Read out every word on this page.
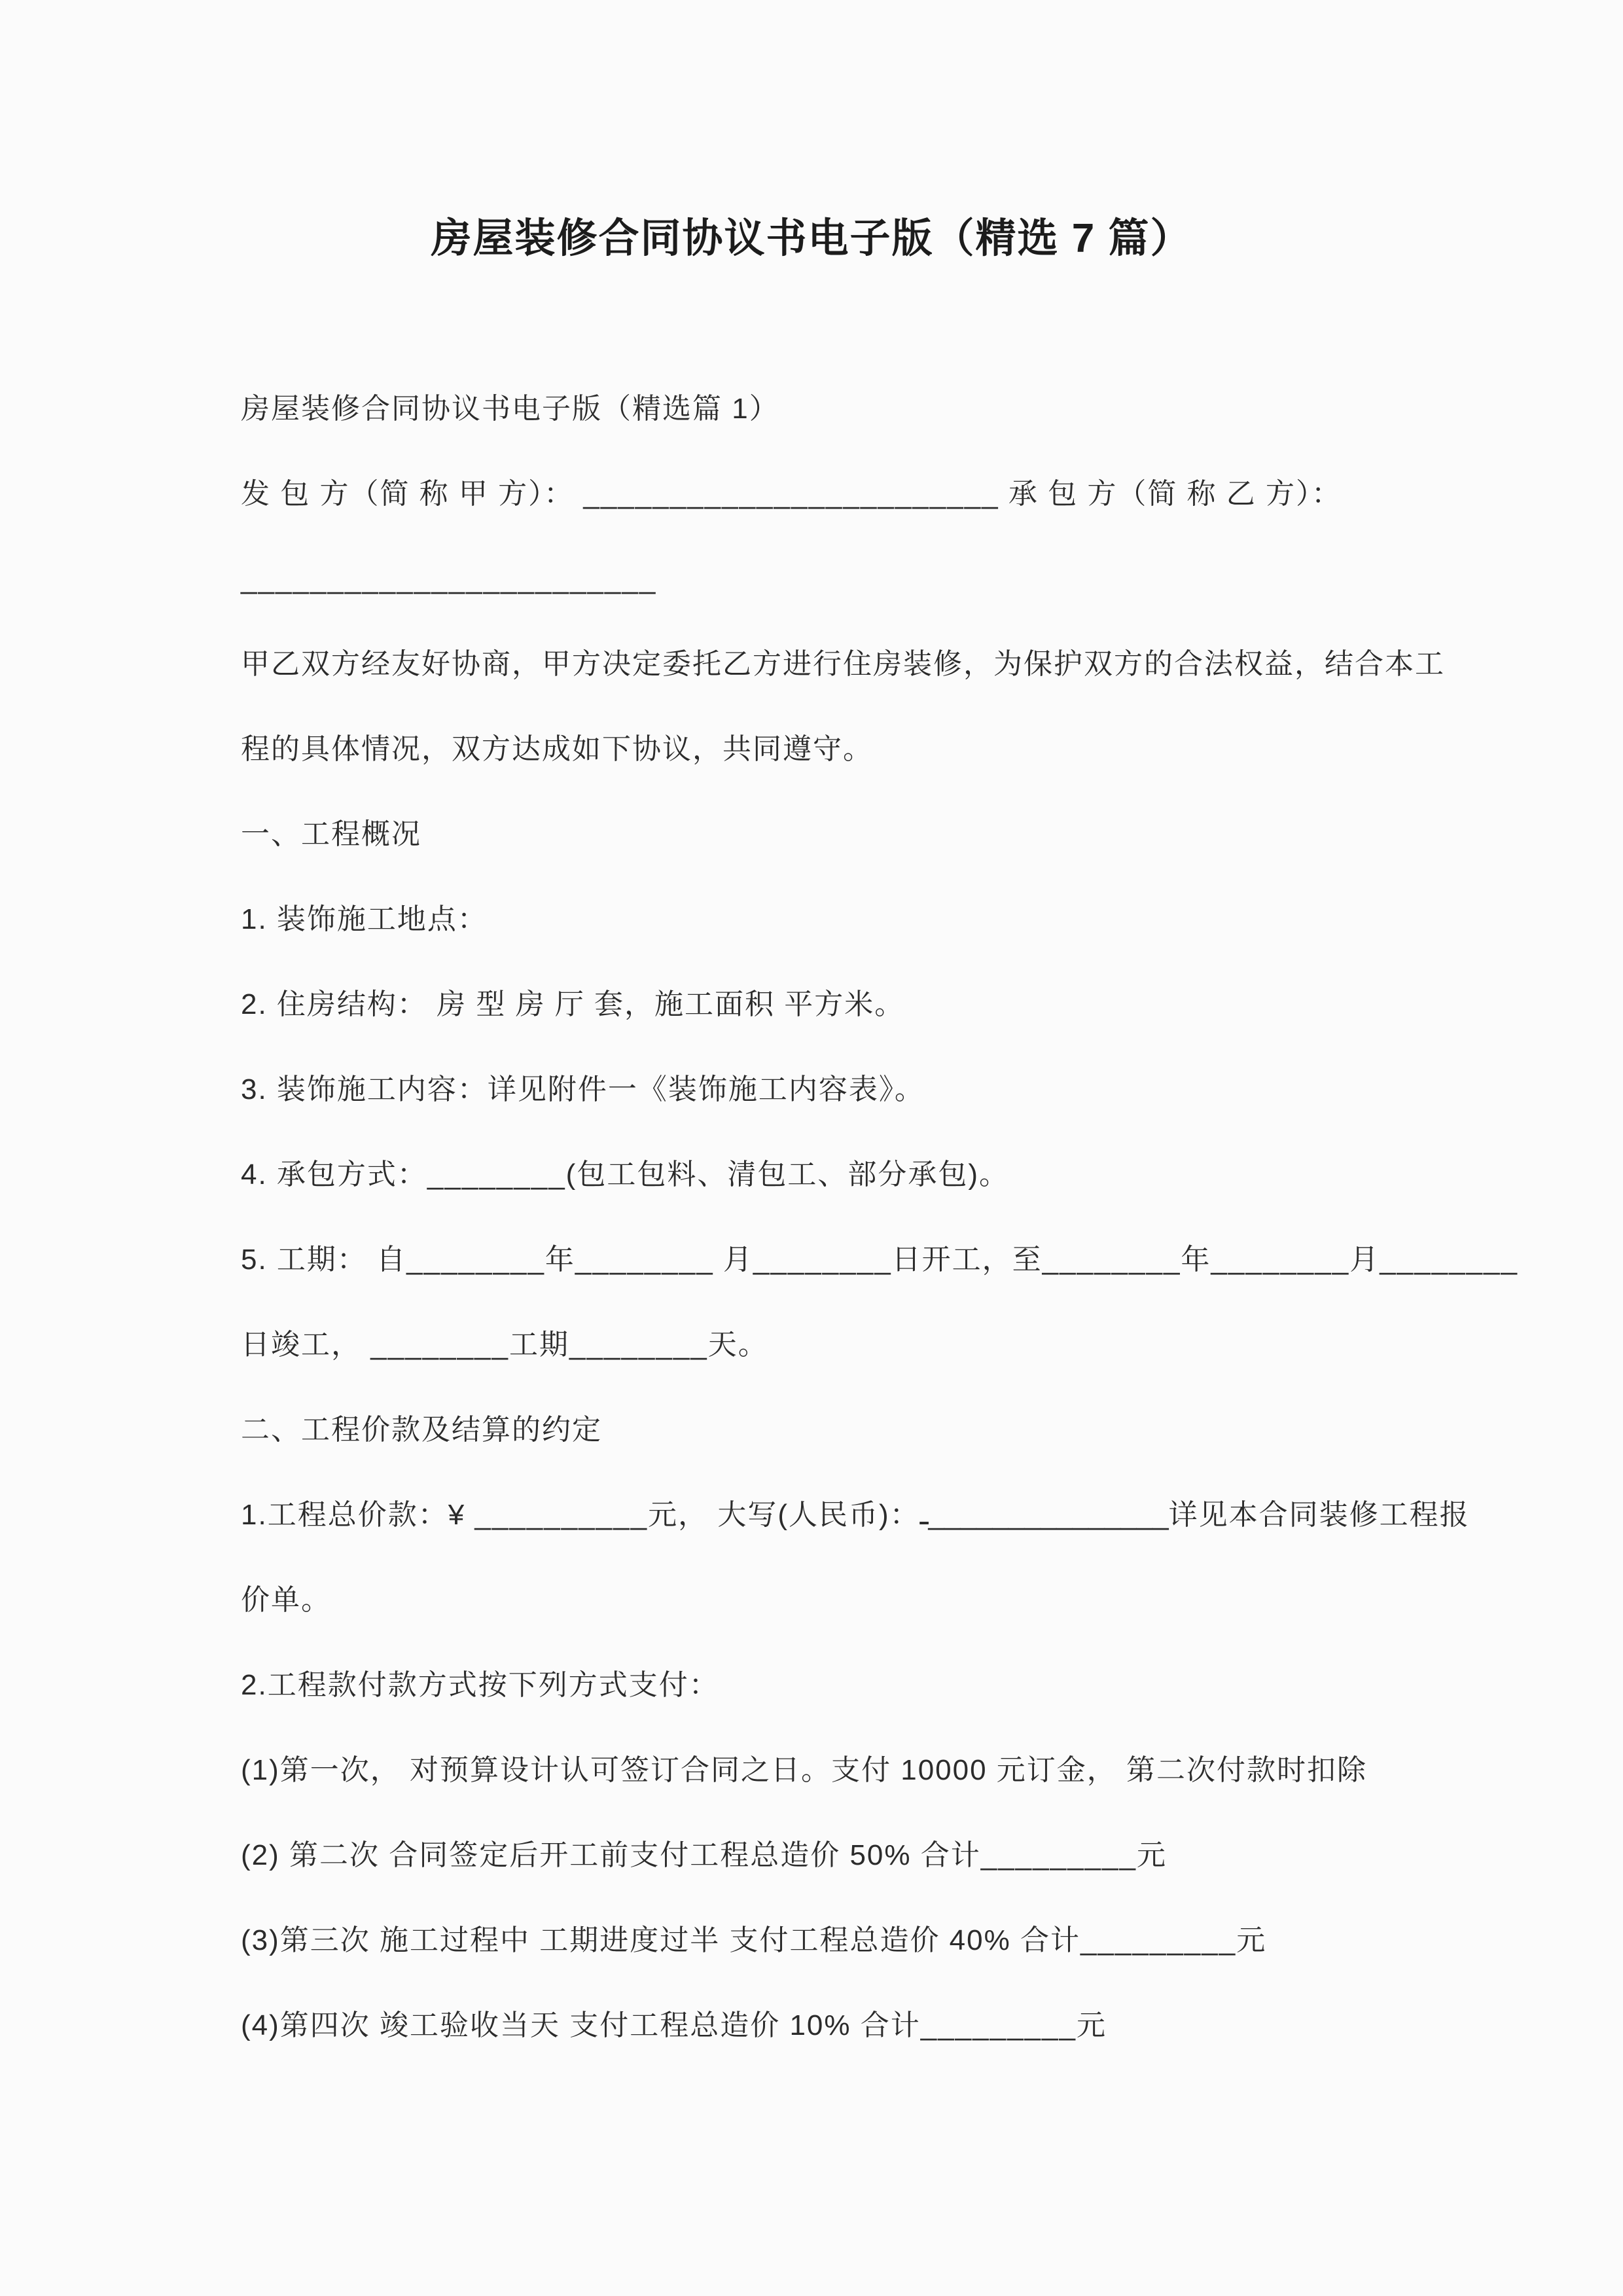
房屋装修合同协议书电子版（精选 7 篇）
房屋装修合同协议书电子版（精选篇 1）
发 包 方（简 称 甲 方）： ________________________ 承 包 方（简 称 乙 方）：
________________________
甲乙双方经友好协商，甲方决定委托乙方进行住房装修，为保护双方的合法权益，结合本工
程的具体情况，双方达成如下协议，共同遵守。
一、工程概况
1. 装饰施工地点：
2. 住房结构： 房 型 房 厅 套，施工面积 平方米。
3. 装饰施工内容：详见附件一《装饰施工内容表》。
4. 承包方式：________(包工包料、清包工、部分承包)。
5. 工期： 自________年________ 月________日开工，至________年________月________
日竣工， ________工期________天。
二、工程价款及结算的约定
1.工程总价款：¥ __________元， 大写(人民币)：ـ_______________详见本合同装修工程报
价单。
2.工程款付款方式按下列方式支付：
(1)第一次， 对预算设计认可签订合同之日。支付 10000 元订金， 第二次付款时扣除
(2) 第二次 合同签定后开工前支付工程总造价 50% 合计_________元
(3)第三次 施工过程中 工期进度过半 支付工程总造价 40% 合计_________元
(4)第四次 竣工验收当天 支付工程总造价 10% 合计_________元
